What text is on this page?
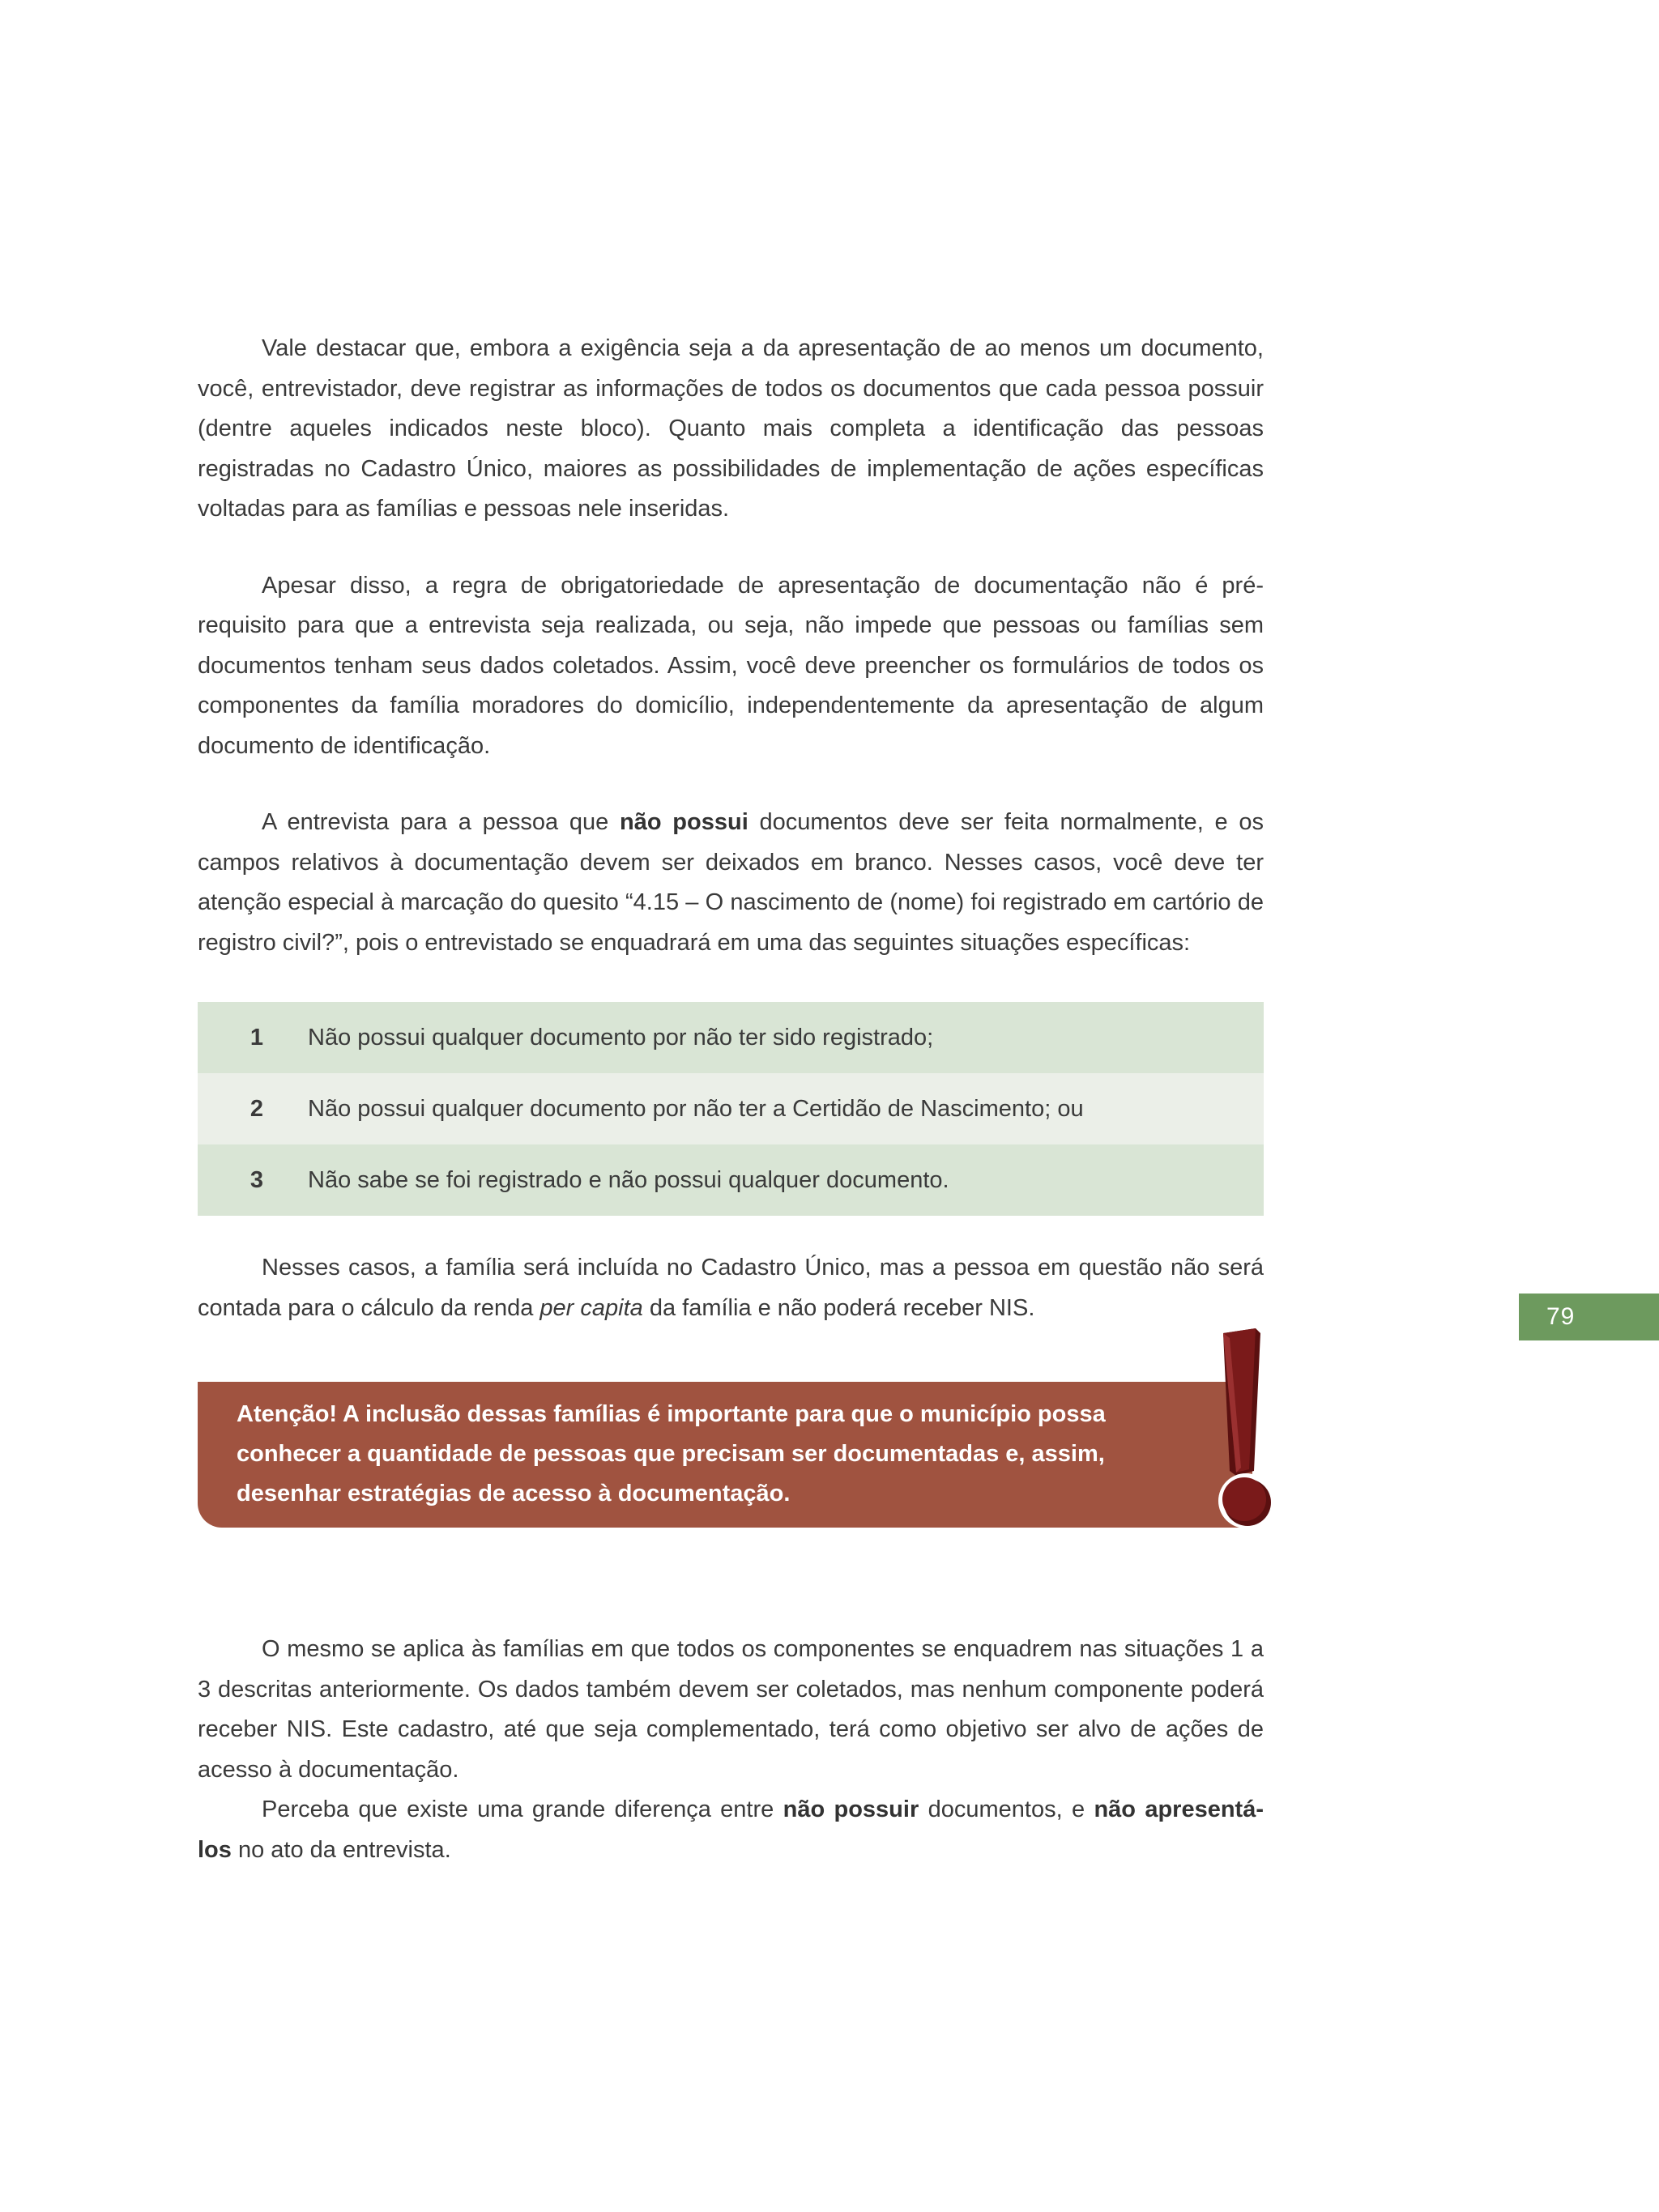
Vale destacar que, embora a exigência seja a da apresentação de ao menos um documento, você, entrevistador, deve registrar as informações de todos os documentos que cada pessoa possuir (dentre aqueles indicados neste bloco). Quanto mais completa a identificação das pessoas registradas no Cadastro Único, maiores as possibilidades de implementação de ações específicas voltadas para as famílias e pessoas nele inseridas.

Apesar disso, a regra de obrigatoriedade de apresentação de documentação não é pré-requisito para que a entrevista seja realizada, ou seja, não impede que pessoas ou famílias sem documentos tenham seus dados coletados. Assim, você deve preencher os formulários de todos os componentes da família moradores do domicílio, independentemente da apresentação de algum documento de identificação.

A entrevista para a pessoa que não possui documentos deve ser feita normalmente, e os campos relativos à documentação devem ser deixados em branco. Nesses casos, você deve ter atenção especial à marcação do quesito “4.15 – O nascimento de (nome) foi registrado em cartório de registro civil?”, pois o entrevistado se enquadrará em uma das seguintes situações específicas:

1	Não possui qualquer documento por não ter sido registrado;
2	Não possui qualquer documento por não ter a Certidão de Nascimento; ou
3	Não sabe se foi registrado e não possui qualquer documento.

Nesses casos, a família será incluída no Cadastro Único, mas a pessoa em questão não será contada para o cálculo da renda per capita da família e não poderá receber NIS.

Atenção! A inclusão dessas famílias é importante para que o município possa conhecer a quantidade de pessoas que precisam ser documentadas e, assim, desenhar estratégias de acesso à documentação.
79

O mesmo se aplica às famílias em que todos os componentes se enquadrem nas situações 1 a 3 descritas anteriormente. Os dados também devem ser coletados, mas nenhum componente poderá receber NIS. Este cadastro, até que seja complementado, terá como objetivo ser alvo de ações de acesso à documentação.

Perceba que existe uma grande diferença entre não possuir documentos, e não apresentá-los no ato da entrevista.
